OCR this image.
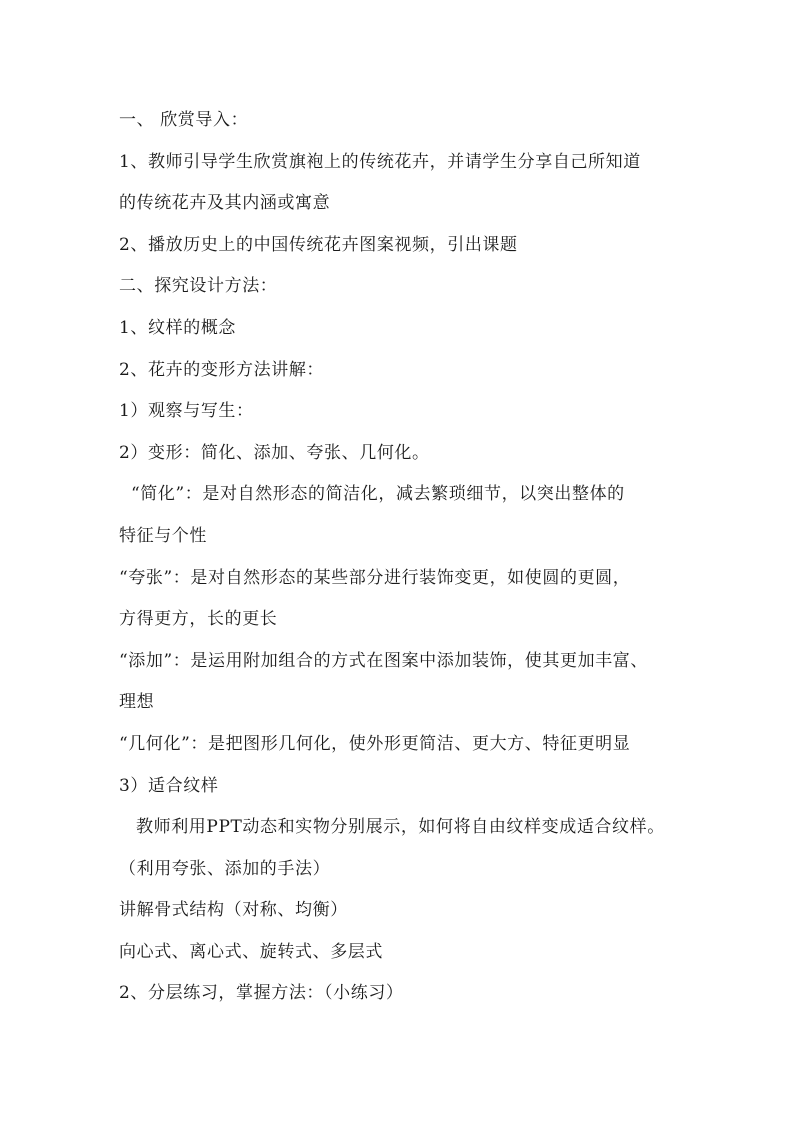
一、 欣赏导入：
1、教师引导学生欣赏旗袍上的传统花卉，并请学生分享自己所知道
的传统花卉及其内涵或寓意
2、播放历史上的中国传统花卉图案视频，引出课题
二、探究设计方法：
1、纹样的概念
2、花卉的变形方法讲解：
1）观察与写生：
2）变形：简化、添加、夸张、几何化。
“简化”：是对自然形态的简洁化，减去繁琐细节，以突出整体的
特征与个性
“夸张”：是对自然形态的某些部分进行装饰变更，如使圆的更圆，
方得更方，长的更长
“添加”：是运用附加组合的方式在图案中添加装饰，使其更加丰富、
理想
“几何化”：是把图形几何化，使外形更简洁、更大方、特征更明显
3）适合纹样
教师利用PPT动态和实物分别展示，如何将自由纹样变成适合纹样。
（利用夸张、添加的手法）
讲解骨式结构（对称、均衡）
向心式、离心式、旋转式、多层式
2、分层练习，掌握方法：（小练习）
